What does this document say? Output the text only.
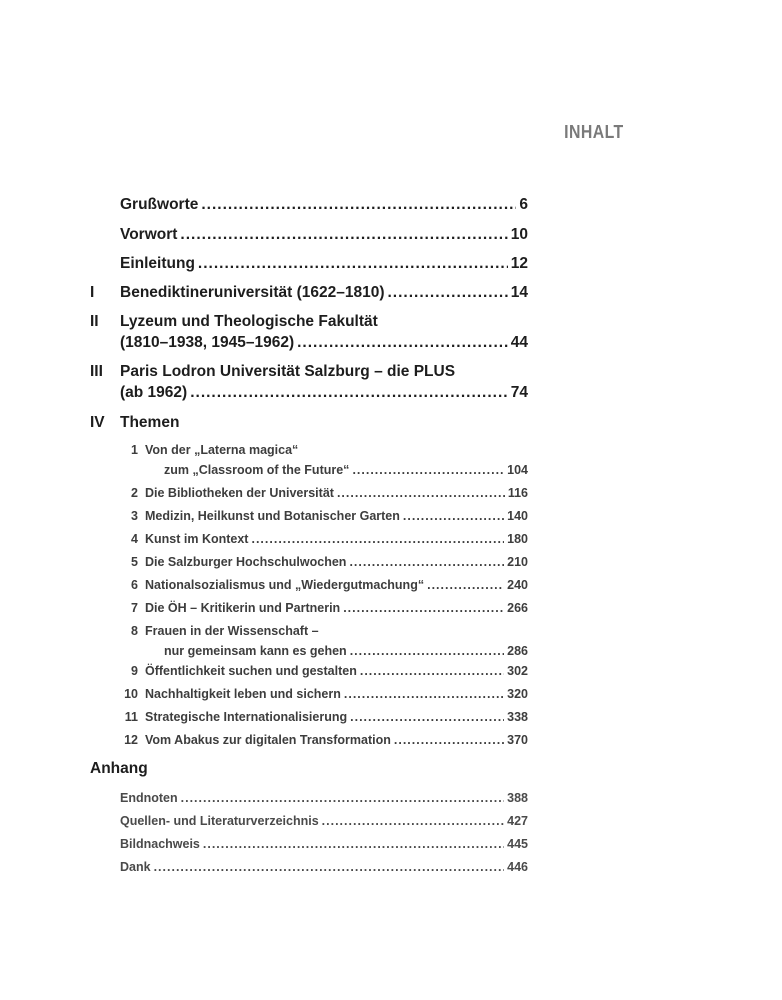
INHALT
Grußworte .....	6
Vorwort .....	10
Einleitung .....	12
I Benediktineruniversität (1622–1810) .....	14
II Lyzeum und Theologische Fakultät
(1810–1938, 1945–1962) .....	44
III Paris Lodron Universität Salzburg – die PLUS
(ab 1962) .....	74
IV Themen
1 Von der „Laterna magica“
zum „Classroom of the Future“ .....	104
2 Die Bibliotheken der Universität .....	116
3 Medizin, Heilkunst und Botanischer Garten .....	140
4 Kunst im Kontext .....	180
5 Die Salzburger Hochschulwochen .....	210
6 Nationalsozialismus und „Wiedergutmachung“ .....	240
7 Die ÖH – Kritikerin und Partnerin .....	266
8 Frauen in der Wissenschaft –
nur gemeinsam kann es gehen .....	286
9 Öffentlichkeit suchen und gestalten .....	302
10 Nachhaltigkeit leben und sichern .....	320
11 Strategische Internationalisierung .....	338
12 Vom Abakus zur digitalen Transformation .....	370
Anhang
Endnoten .....	388
Quellen- und Literaturverzeichnis .....	427
Bildnachweis .....	445
Dank .....	446
